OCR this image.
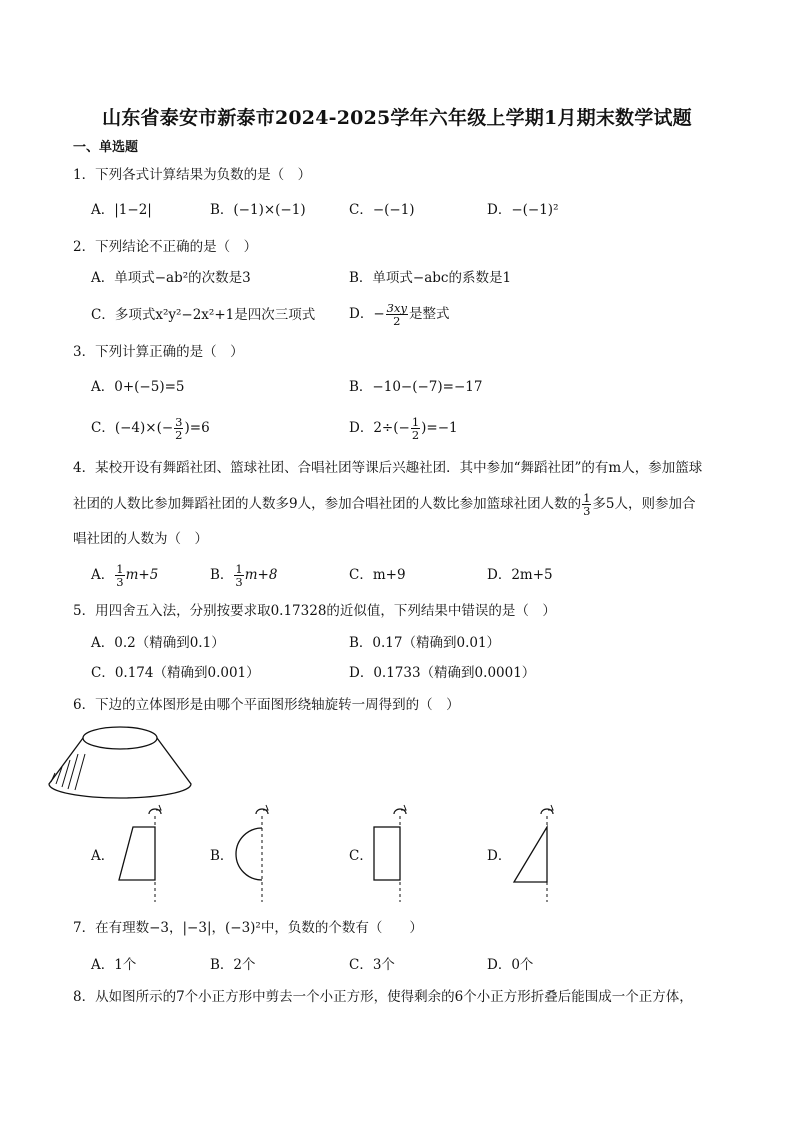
山东省泰安市新泰市2024-2025学年六年级上学期1月期末数学试题
一、单选题
1．下列各式计算结果为负数的是（　）
A．|1−2|	B．(−1)×(−1)	C．−(−1)	D．−(−1)²
2．下列结论不正确的是（　）
A．单项式−ab²的次数是3	B．单项式−abc的系数是1
C．多项式x²y²−2x²+1是四次三项式	D．− $\frac{3xy}{2}$ 是整式
3．下列计算正确的是（　）
A．0+(−5)=5	B．−10−(−7)=−17
C．$(-4)\times(- \frac{3}{2} )=6$	D．$2\div(- \frac{1}{2} )=-1$
4．某校开设有舞蹈社团、篮球社团、合唱社团等课后兴趣社团．其中参加“舞蹈社团”的有m人，参加篮球
社团的人数比参加舞蹈社团的人数多9人，参加合唱社团的人数比参加篮球社团人数的 $\frac{1}{3}$ 多5人，则参加合
唱社团的人数为（　）
A． $\frac{1}{3} m+5$	B． $\frac{1}{3} m+8$	C．m+9	D．2m+5
5．用四舍五入法，分别按要求取0.17328的近似值，下列结果中错误的是（　）
A．0.2（精确到0.1）	B．0.17（精确到0.01）
C．0.174（精确到0.001）	D．0.1733（精确到0.0001）
6．下边的立体图形是由哪个平面图形绕轴旋转一周得到的（　）
A．	B．	C．	D．
7．在有理数−3，|−3|，(−3)²中，负数的个数有（　　）
A．1个	B．2个	C．3个	D．0个
8．从如图所示的7个小正方形中剪去一个小正方形，使得剩余的6个小正方形折叠后能围成一个正方体，
